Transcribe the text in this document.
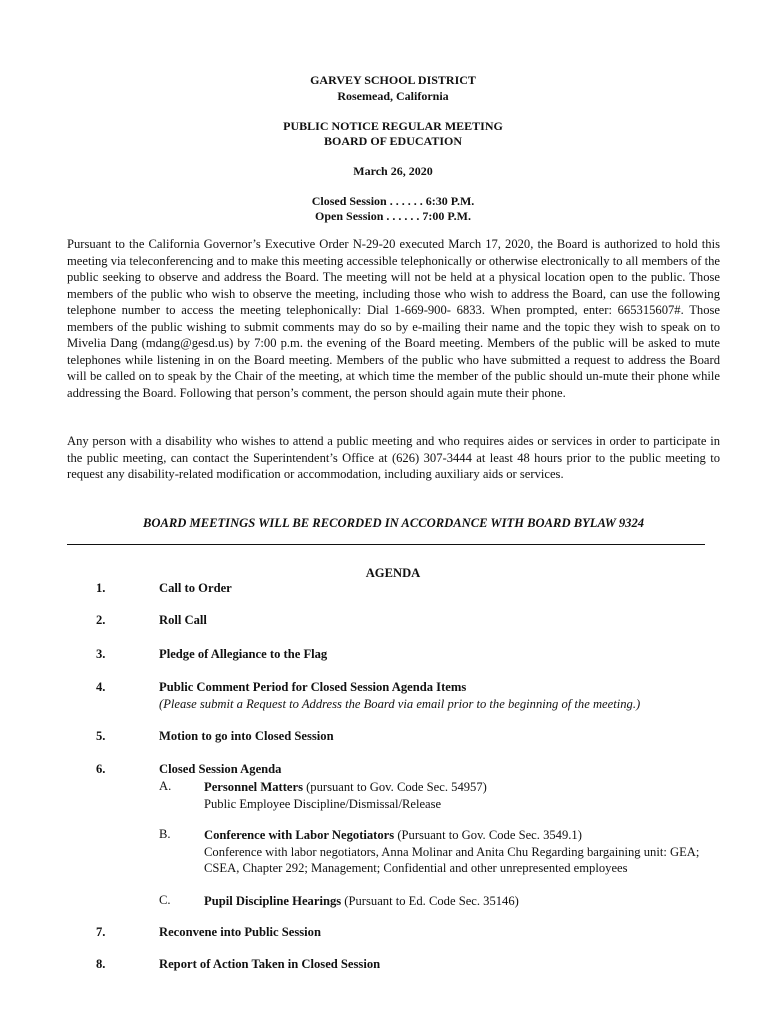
GARVEY SCHOOL DISTRICT
Rosemead, California
PUBLIC NOTICE REGULAR MEETING
BOARD OF EDUCATION
March 26, 2020
Closed Session . . . . . . 6:30 P.M.
Open Session . . . . . . 7:00 P.M.
Pursuant to the California Governor’s Executive Order N-29-20 executed March 17, 2020, the Board is authorized to hold this meeting via teleconferencing and to make this meeting accessible telephonically or otherwise electronically to all members of the public seeking to observe and address the Board. The meeting will not be held at a physical location open to the public. Those members of the public who wish to observe the meeting, including those who wish to address the Board, can use the following telephone number to access the meeting telephonically: Dial 1-669-900- 6833. When prompted, enter: 665315607#. Those members of the public wishing to submit comments may do so by e-mailing their name and the topic they wish to speak on to Mivelia Dang (mdang@gesd.us) by 7:00 p.m. the evening of the Board meeting. Members of the public will be asked to mute telephones while listening in on the Board meeting. Members of the public who have submitted a request to address the Board will be called on to speak by the Chair of the meeting, at which time the member of the public should un-mute their phone while addressing the Board. Following that person’s comment, the person should again mute their phone.
Any person with a disability who wishes to attend a public meeting and who requires aides or services in order to participate in the public meeting, can contact the Superintendent’s Office at (626) 307-3444 at least 48 hours prior to the public meeting to request any disability-related modification or accommodation, including auxiliary aids or services.
BOARD MEETINGS WILL BE RECORDED IN ACCORDANCE WITH BOARD BYLAW 9324
AGENDA
1.	Call to Order
2.	Roll Call
3.	Pledge of Allegiance to the Flag
4.	Public Comment Period for Closed Session Agenda Items
(Please submit a Request to Address the Board via email prior to the beginning of the meeting.)
5.	Motion to go into Closed Session
6.	Closed Session Agenda
A.	Personnel Matters (pursuant to Gov. Code Sec. 54957)
Public Employee Discipline/Dismissal/Release
B.	Conference with Labor Negotiators (Pursuant to Gov. Code Sec. 3549.1)
Conference with labor negotiators, Anna Molinar and Anita Chu Regarding bargaining unit: GEA; CSEA, Chapter 292; Management; Confidential and other unrepresented employees
C.	Pupil Discipline Hearings (Pursuant to Ed. Code Sec. 35146)
7.	Reconvene into Public Session
8.	Report of Action Taken in Closed Session
